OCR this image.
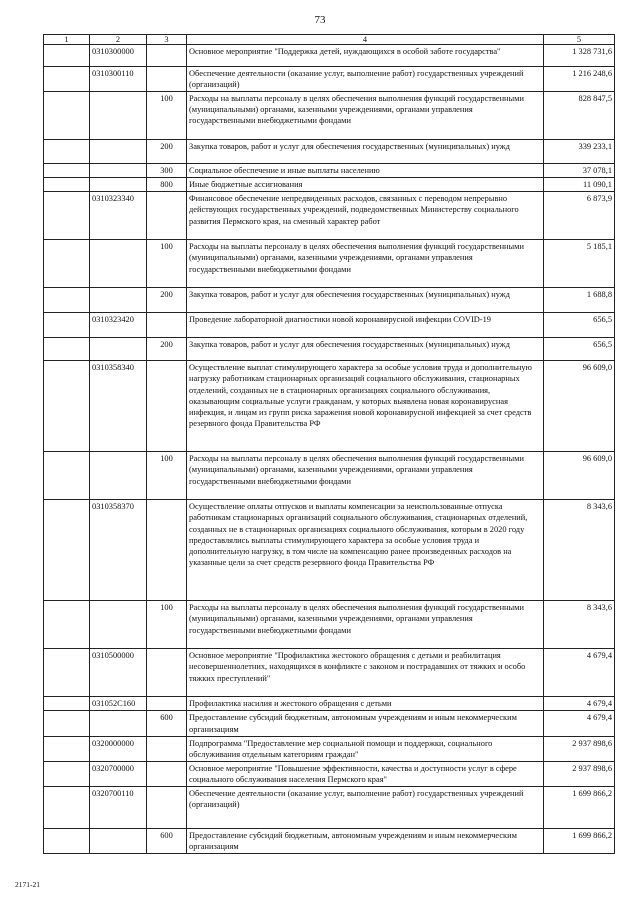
73
1	2	3	4	5
	0310300000		Основное мероприятие "Поддержка детей, нуждающихся в особой заботе государства"	1 328 731,6
	0310300110		Обеспечение деятельности (оказание услуг, выполнение работ) государственных учреждений (организаций)	1 216 248,6
		100	Расходы на выплаты персоналу в целях обеспечения выполнения функций государственными (муниципальными) органами, казенными учреждениями, органами управления государственными внебюджетными фондами	828 847,5
		200	Закупка товаров, работ и услуг для обеспечения государственных (муниципальных) нужд	339 233,1
		300	Социальное обеспечение и иные выплаты населению	37 078,1
		800	Иные бюджетные ассигнования	11 090,1
	0310323340		Финансовое обеспечение непредвиденных расходов, связанных с переводом непрерывно действующих государственных учреждений, подведомственных Министерству социального развития Пермского края, на сменный характер работ	6 873,9
		100	Расходы на выплаты персоналу в целях обеспечения выполнения функций государственными (муниципальными) органами, казенными учреждениями, органами управления государственными внебюджетными фондами	5 185,1
		200	Закупка товаров, работ и услуг для обеспечения государственных (муниципальных) нужд	1 688,8
	0310323420		Проведение лабораторной диагностики новой коронавирусной инфекции COVID-19	656,5
		200	Закупка товаров, работ и услуг для обеспечения государственных (муниципальных) нужд	656,5
	0310358340		Осуществление выплат стимулирующего характера за особые условия труда и дополнительную нагрузку работникам стационарных организаций социального обслуживания, стационарных отделений, созданных не в стационарных организациях социального обслуживания, оказывающим социальные услуги гражданам, у которых выявлена новая коронавирусная инфекция, и лицам из групп риска заражения новой коронавирусной инфекцией за счет средств резервного фонда Правительства РФ	96 609,0
		100	Расходы на выплаты персоналу в целях обеспечения выполнения функций государственными (муниципальными) органами, казенными учреждениями, органами управления государственными внебюджетными фондами	96 609,0
	0310358370		Осуществление оплаты отпусков и выплаты компенсации за неиспользованные отпуска работникам стационарных организаций социального обслуживания, стационарных отделений, созданных не в стационарных организациях социального обслуживания, которым в 2020 году предоставлялись выплаты стимулирующего характера за особые условия труда и дополнительную нагрузку, в том числе на компенсацию ранее произведенных расходов на указанные цели за счет средств резервного фонда Правительства РФ	8 343,6
		100	Расходы на выплаты персоналу в целях обеспечения выполнения функций государственными (муниципальными) органами, казенными учреждениями, органами управления государственными внебюджетными фондами	8 343,6
	0310500000		Основное мероприятие "Профилактика жестокого обращения с детьми и реабилитация несовершеннолетних, находящихся в конфликте с законом и пострадавших от тяжких и особо тяжких преступлений"	4 679,4
	031052С160		Профилактика насилия и жестокого обращения с детьми	4 679,4
		600	Предоставление субсидий бюджетным, автономным учреждениям и иным некоммерческим организациям	4 679,4
	0320000000		Подпрограмма "Предоставление мер социальной помощи и поддержки, социального обслуживания отдельным категориям граждан"	2 937 898,6
	0320700000		Основное мероприятие "Повышение эффективности, качества и доступности услуг в сфере социального обслуживания населения Пермского края"	2 937 898,6
	0320700110		Обеспечение деятельности (оказание услуг, выполнение работ) государственных учреждений (организаций)	1 699 866,2
		600	Предоставление субсидий бюджетным, автономным учреждениям и иным некоммерческим организациям	1 699 866,2
2171-21
